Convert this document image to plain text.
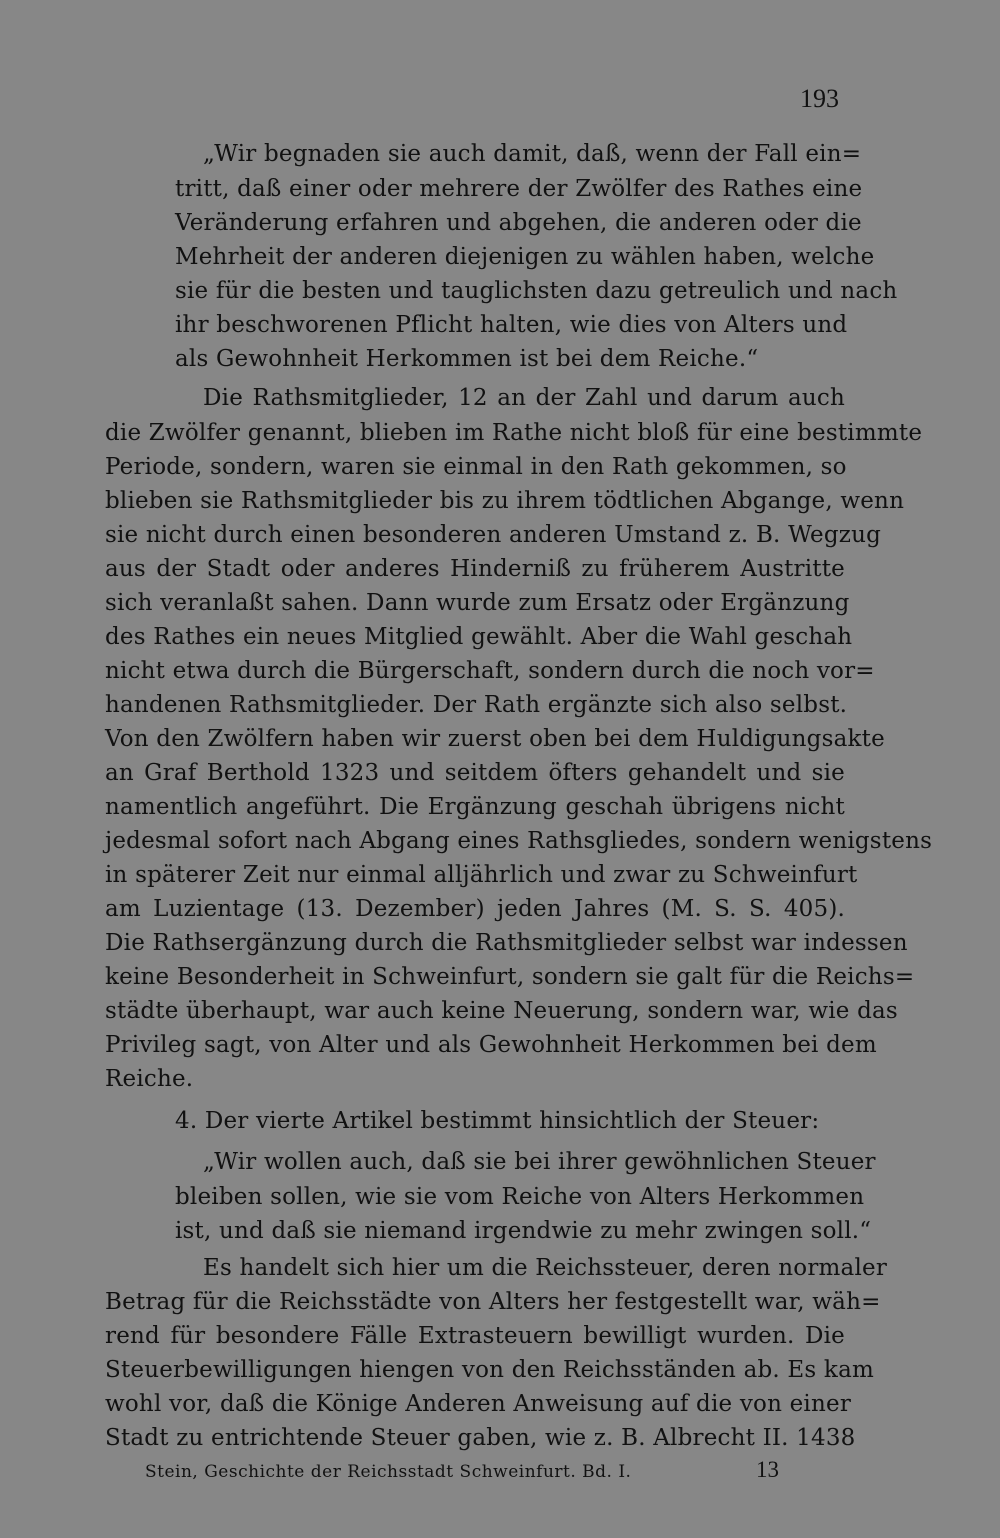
193
„Wir begnaden sie auch damit, daß, wenn der Fall ein=
tritt, daß einer oder mehrere der Zwölfer des Rathes eine
Veränderung erfahren und abgehen, die anderen oder die
Mehrheit der anderen diejenigen zu wählen haben, welche
sie für die besten und tauglichsten dazu getreulich und nach
ihr beschworenen Pflicht halten, wie dies von Alters und
als Gewohnheit Herkommen ist bei dem Reiche.“
Die Rathsmitglieder, 12 an der Zahl und darum auch
die Zwölfer genannt, blieben im Rathe nicht bloß für eine bestimmte
Periode, sondern, waren sie einmal in den Rath gekommen, so
blieben sie Rathsmitglieder bis zu ihrem tödtlichen Abgange, wenn
sie nicht durch einen besonderen anderen Umstand z. B. Wegzug
aus der Stadt oder anderes Hinderniß zu früherem Austritte
sich veranlaßt sahen. Dann wurde zum Ersatz oder Ergänzung
des Rathes ein neues Mitglied gewählt. Aber die Wahl geschah
nicht etwa durch die Bürgerschaft, sondern durch die noch vor=
handenen Rathsmitglieder. Der Rath ergänzte sich also selbst.
Von den Zwölfern haben wir zuerst oben bei dem Huldigungsakte
an Graf Berthold 1323 und seitdem öfters gehandelt und sie
namentlich angeführt. Die Ergänzung geschah übrigens nicht
jedesmal sofort nach Abgang eines Rathsgliedes, sondern wenigstens
in späterer Zeit nur einmal alljährlich und zwar zu Schweinfurt
am Luzientage (13. Dezember) jeden Jahres (M. S. S. 405).
Die Rathsergänzung durch die Rathsmitglieder selbst war indessen
keine Besonderheit in Schweinfurt, sondern sie galt für die Reichs=
städte überhaupt, war auch keine Neuerung, sondern war, wie das
Privileg sagt, von Alter und als Gewohnheit Herkommen bei dem
Reiche.
4. Der vierte Artikel bestimmt hinsichtlich der Steuer:
„Wir wollen auch, daß sie bei ihrer gewöhnlichen Steuer
bleiben sollen, wie sie vom Reiche von Alters Herkommen
ist, und daß sie niemand irgendwie zu mehr zwingen soll.“
Es handelt sich hier um die Reichssteuer, deren normaler
Betrag für die Reichsstädte von Alters her festgestellt war, wäh=
rend für besondere Fälle Extrasteuern bewilligt wurden. Die
Steuerbewilligungen hiengen von den Reichsständen ab. Es kam
wohl vor, daß die Könige Anderen Anweisung auf die von einer
Stadt zu entrichtende Steuer gaben, wie z. B. Albrecht II. 1438
Stein, Geschichte der Reichsstadt Schweinfurt. Bd. I.	13
